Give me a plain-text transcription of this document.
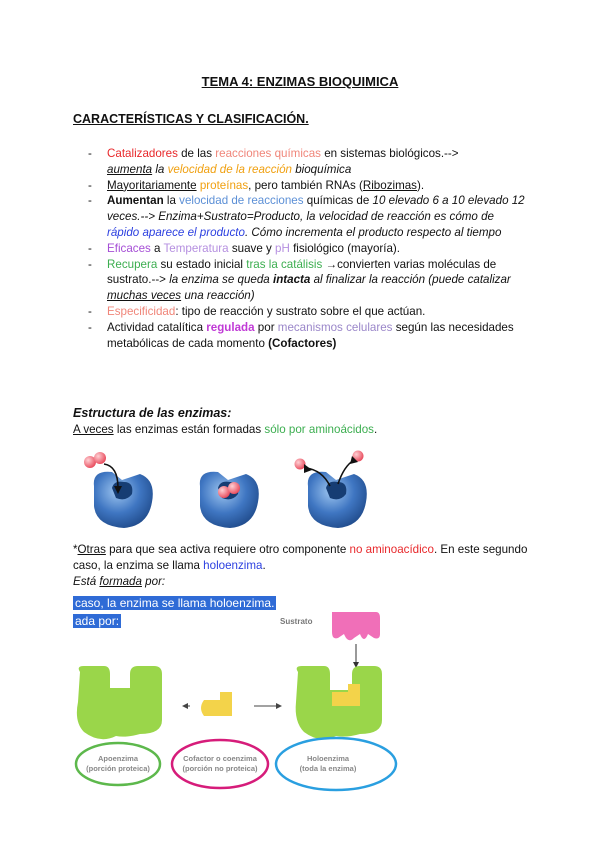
TEMA 4: ENZIMAS BIOQUIMICA
CARACTERÍSTICAS Y CLASIFICACIÓN.
- Catalizadores de las reacciones químicas en sistemas biológicos.-->
aumenta la velocidad de la reacción bioquímica
- Mayoritariamente proteínas, pero también RNAs (Ribozimas).
- Aumentan la velocidad de reacciones químicas de 10 elevado 6 a 10 elevado 12 veces.--> Enzima+Sustrato=Producto, la velocidad de reacción es cómo de rápido aparece el producto. Cómo incrementa el producto respecto al tiempo
- Eficaces a Temperatura suave y pH fisiológico (mayoría).
- Recupera su estado inicial tras la catálisis →convierten varias moléculas de sustrato.--> la enzima se queda intacta al finalizar la reacción (puede catalizar muchas veces una reacción)
- Especificidad: tipo de reacción y sustrato sobre el que actúan.
- Actividad catalítica regulada por mecanismos celulares según las necesidades metabólicas de cada momento (Cofactores)
Estructura de las enzimas:
A veces las enzimas están formadas sólo por aminoácidos.
*Otras para que sea activa requiere otro componente no aminoacídico. En este segundo caso, la enzima se llama holoenzima.
Está formada por:
caso, la enzima se llama holoenzima.
ada por:	Sustrato
Apoenzima
(porción proteica)
Cofactor o coenzima
(porción no proteica)
Holoenzima
(toda la enzima)
